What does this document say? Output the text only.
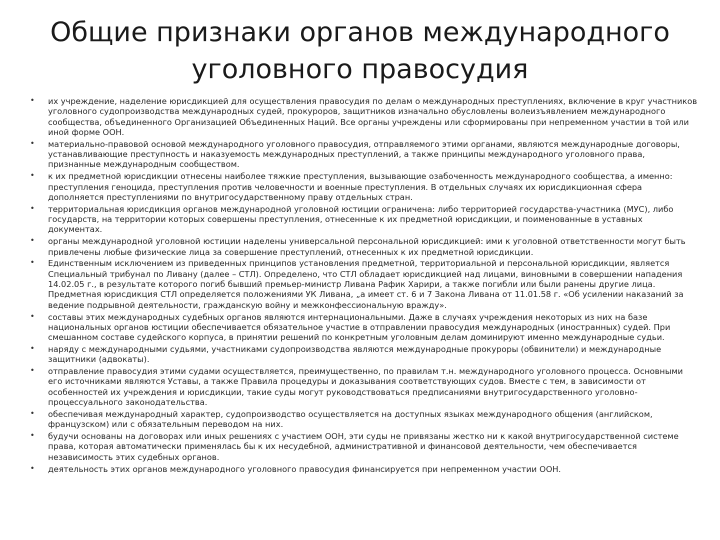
Общие признаки органов международного уголовного правосудия
• их учреждение, наделение юрисдикцией для осуществления правосудия по делам о международных преступлениях, включение в круг участников уголовного судопроизводства международных судей, прокуроров, защитников изначально обусловлены волеизъявлением международного сообщества, объединенного Организацией Объединенных Наций. Все органы учреждены или сформированы при непременном участии в той или иной форме ООН.
• материально-правовой основой международного уголовного правосудия, отправляемого этими органами, являются международные договоры, устанавливающие преступность и наказуемость международных преступлений, а также принципы международного уголовного права, признанные международным сообществом.
• к их предметной юрисдикции отнесены наиболее тяжкие преступления, вызывающие озабоченность международного сообщества, а именно: преступления геноцида, преступления против человечности и военные преступления. В отдельных случаях их юрисдикционная сфера дополняется преступлениями по внутригосударственному праву отдельных стран.
• территориальная юрисдикция органов международной уголовной юстиции ограничена: либо территорией государства-участника (МУС), либо государств, на территории которых совершены преступления, отнесенные к их предметной юрисдикции, и поименованные в уставных документах.
• органы международной уголовной юстиции наделены универсальной персональной юрисдикцией: ими к уголовной ответственности могут быть привлечены любые физические лица за совершение преступлений, отнесенных к их предметной юрисдикции.
• Единственным исключением из приведенных принципов установления предметной, территориальной и персональной юрисдикции, является Специальный трибунал по Ливану (далее – СТЛ). Определено, что СТЛ обладает юрисдикцией над лицами, виновными в совершении нападения 14.02.05 г., в результате которого погиб бывший премьер-министр Ливана Рафик Харири, а также погибли или были ранены другие лица. Предметная юрисдикция СТЛ определяется положениями УК Ливана, „а имеет ст. 6 и 7 Закона Ливана от 11.01.58 г. «Об усилении наказаний за ведение подрывной деятельности, гражданскую войну и межконфессиональную вражду».
• составы этих международных судебных органов являются интернациональными. Даже в случаях учреждения некоторых из них на базе национальных органов юстиции обеспечивается обязательное участие в отправлении правосудия международных (иностранных) судей. При смешанном составе судейского корпуса, в принятии решений по конкретным уголовным делам доминируют именно международные судьи.
• наряду с международными судьями, участниками судопроизводства являются международные прокуроры (обвинители) и международные защитники (адвокаты).
• отправление правосудия этими судами осуществляется, преимущественно, по правилам т.н. международного уголовного процесса. Основными его источниками являются Уставы, а также Правила процедуры и доказывания соответствующих судов. Вместе с тем, в зависимости от особенностей их учреждения и юрисдикции, такие суды могут руководствоваться предписаниями внутригосударственного уголовно-процессуального законодательства.
• обеспечивая международный характер, судопроизводство осуществляется на доступных языках международного общения (английском, французском) или с обязательным переводом на них.
• будучи основаны на договорах или иных решениях с участием ООН, эти суды не привязаны жестко ни к какой внутригосударственной системе права, которая автоматически применялась бы к их несудебной, административной и финансовой деятельности, чем обеспечивается независимость этих судебных органов.
• деятельность этих органов международного уголовного правосудия финансируется при непременном участии ООН.
